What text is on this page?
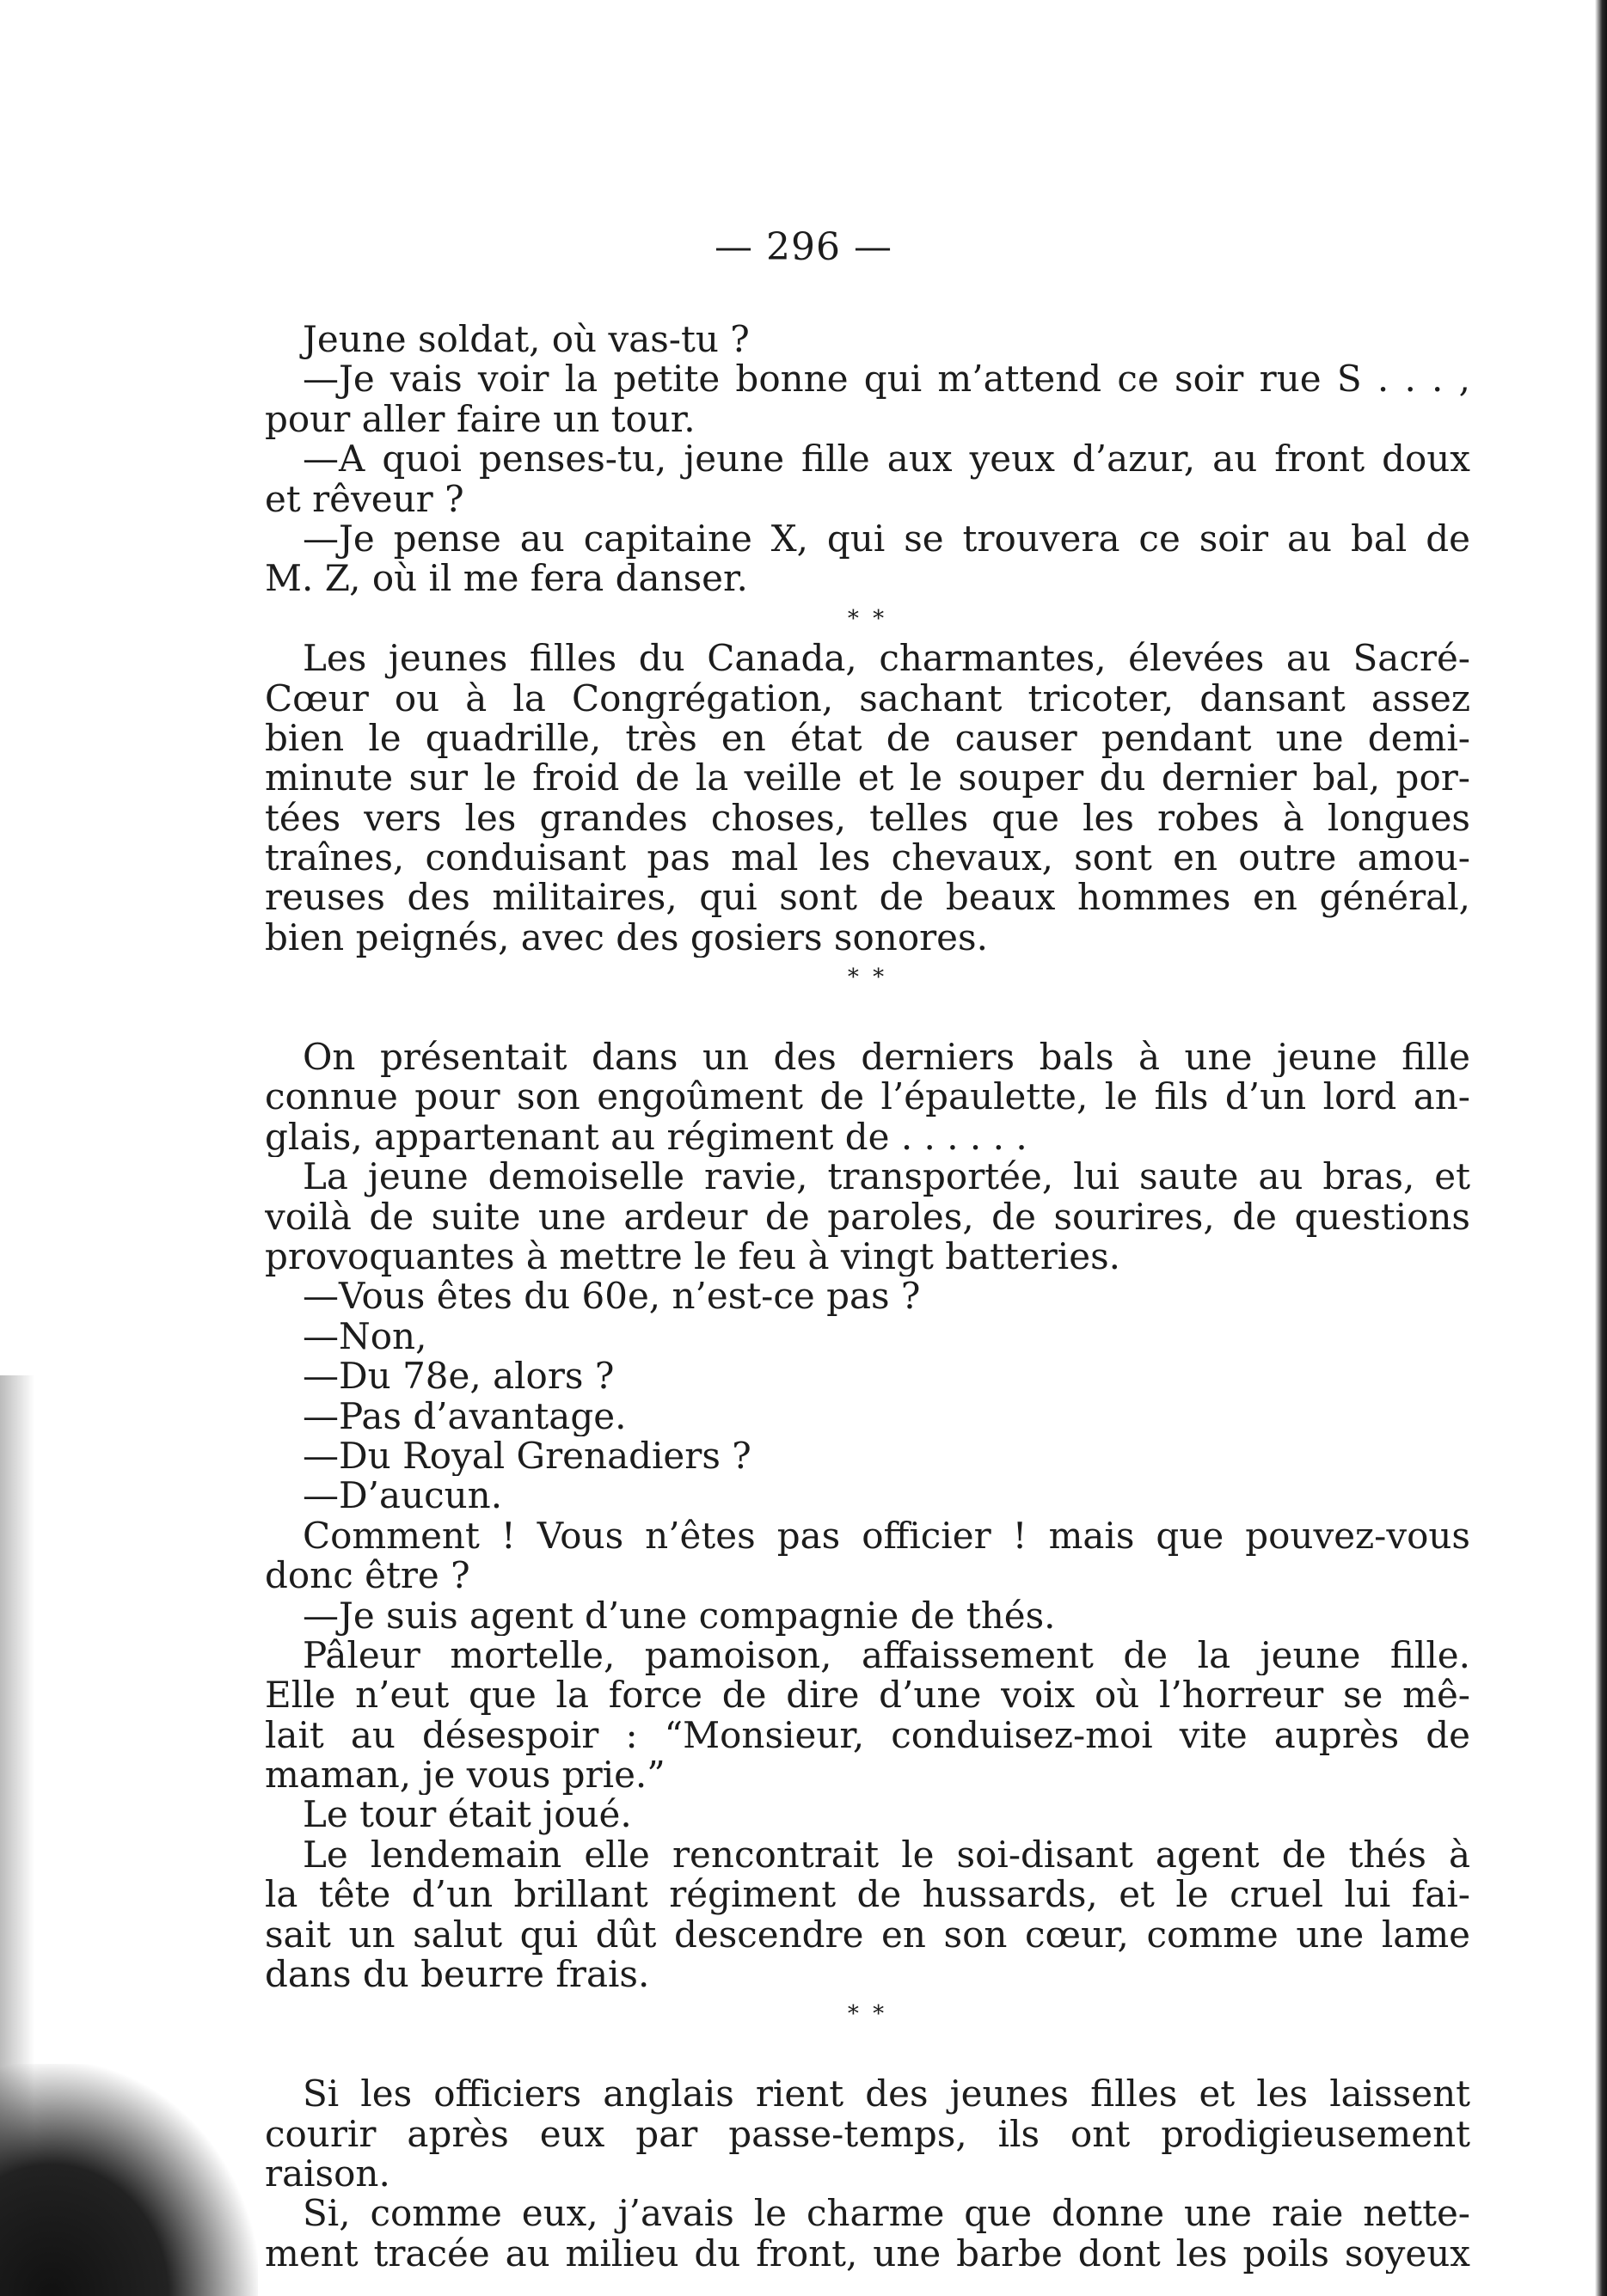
— 296 —
Jeune soldat, où vas-tu ?
—Je vais voir la petite bonne qui m’attend ce soir rue S . . . ,
pour aller faire un tour.
—A quoi penses-tu, jeune fille aux yeux d’azur, au front doux
et rêveur ?
—Je pense au capitaine X, qui se trouvera ce soir au bal de
M. Z, où il me fera danser.
* *
Les jeunes filles du Canada, charmantes, élevées au Sacré-
Cœur ou à la Congrégation, sachant tricoter, dansant assez
bien le quadrille, très en état de causer pendant une demi-
minute sur le froid de la veille et le souper du dernier bal, por-
tées vers les grandes choses, telles que les robes à longues
traînes, conduisant pas mal les chevaux, sont en outre amou-
reuses des militaires, qui sont de beaux hommes en général,
bien peignés, avec des gosiers sonores.
* *
On présentait dans un des derniers bals à une jeune fille
connue pour son engoûment de l’épaulette, le fils d’un lord an-
glais, appartenant au régiment de . . . . . .
La jeune demoiselle ravie, transportée, lui saute au bras, et
voilà de suite une ardeur de paroles, de sourires, de questions
provoquantes à mettre le feu à vingt batteries.
—Vous êtes du 60e, n’est-ce pas ?
—Non,
—Du 78e, alors ?
—Pas d’avantage.
—Du Royal Grenadiers ?
—D’aucun.
Comment ! Vous n’êtes pas officier ! mais que pouvez-vous
donc être ?
—Je suis agent d’une compagnie de thés.
Pâleur mortelle, pamoison, affaissement de la jeune fille.
Elle n’eut que la force de dire d’une voix où l’horreur se mê-
lait au désespoir : “Monsieur, conduisez-moi vite auprès de
maman, je vous prie.”
Le tour était joué.
Le lendemain elle rencontrait le soi-disant agent de thés à
la tête d’un brillant régiment de hussards, et le cruel lui fai-
sait un salut qui dût descendre en son cœur, comme une lame
dans du beurre frais.
* *
Si les officiers anglais rient des jeunes filles et les laissent
courir après eux par passe-temps, ils ont prodigieusement
raison.
Si, comme eux, j’avais le charme que donne une raie nette-
ment tracée au milieu du front, une barbe dont les poils soyeux
